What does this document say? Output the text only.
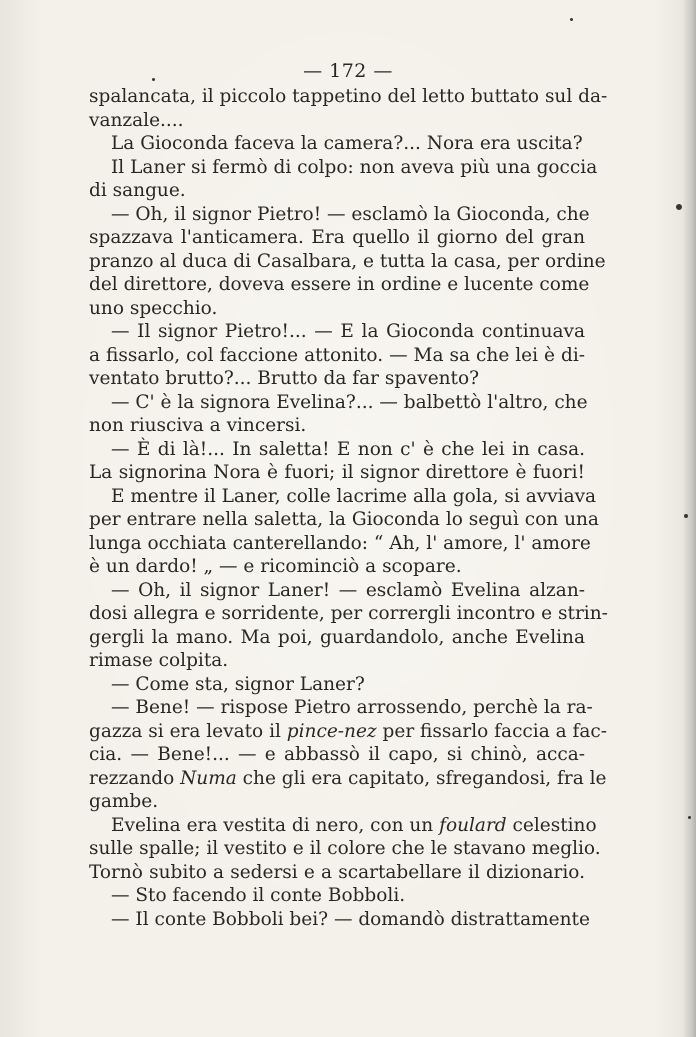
— 172 —
spalancata, il piccolo tappetino del letto buttato sul da-
vanzale....
La Gioconda faceva la camera?... Nora era uscita?
Il Laner si fermò di colpo: non aveva più una goccia
di sangue.
— Oh, il signor Pietro! — esclamò la Gioconda, che
spazzava l'anticamera. Era quello il giorno del gran
pranzo al duca di Casalbara, e tutta la casa, per ordine
del direttore, doveva essere in ordine e lucente come
uno specchio.
— Il signor Pietro!... — E la Gioconda continuava
a fissarlo, col faccione attonito. — Ma sa che lei è di-
ventato brutto?... Brutto da far spavento?
— C' è la signora Evelina?... — balbettò l'altro, che
non riusciva a vincersi.
— È di là!... In saletta! E non c' è che lei in casa.
La signorina Nora è fuori; il signor direttore è fuori!
E mentre il Laner, colle lacrime alla gola, si avviava
per entrare nella saletta, la Gioconda lo seguì con una
lunga occhiata canterellando: “ Ah, l' amore, l' amore
è un dardo! „ — e ricominciò a scopare.
— Oh, il signor Laner! — esclamò Evelina alzan-
dosi allegra e sorridente, per corrergli incontro e strin-
gergli la mano. Ma poi, guardandolo, anche Evelina
rimase colpita.
— Come sta, signor Laner?
— Bene! — rispose Pietro arrossendo, perchè la ra-
gazza si era levato il pince-nez per fissarlo faccia a fac-
cia. — Bene!... — e abbassò il capo, si chinò, acca-
rezzando Numa che gli era capitato, sfregandosi, fra le
gambe.
Evelina era vestita di nero, con un foulard celestino
sulle spalle; il vestito e il colore che le stavano meglio.
Tornò subito a sedersi e a scartabellare il dizionario.
— Sto facendo il conte Bobboli.
— Il conte Bobboli bei? — domandò distrattamente
